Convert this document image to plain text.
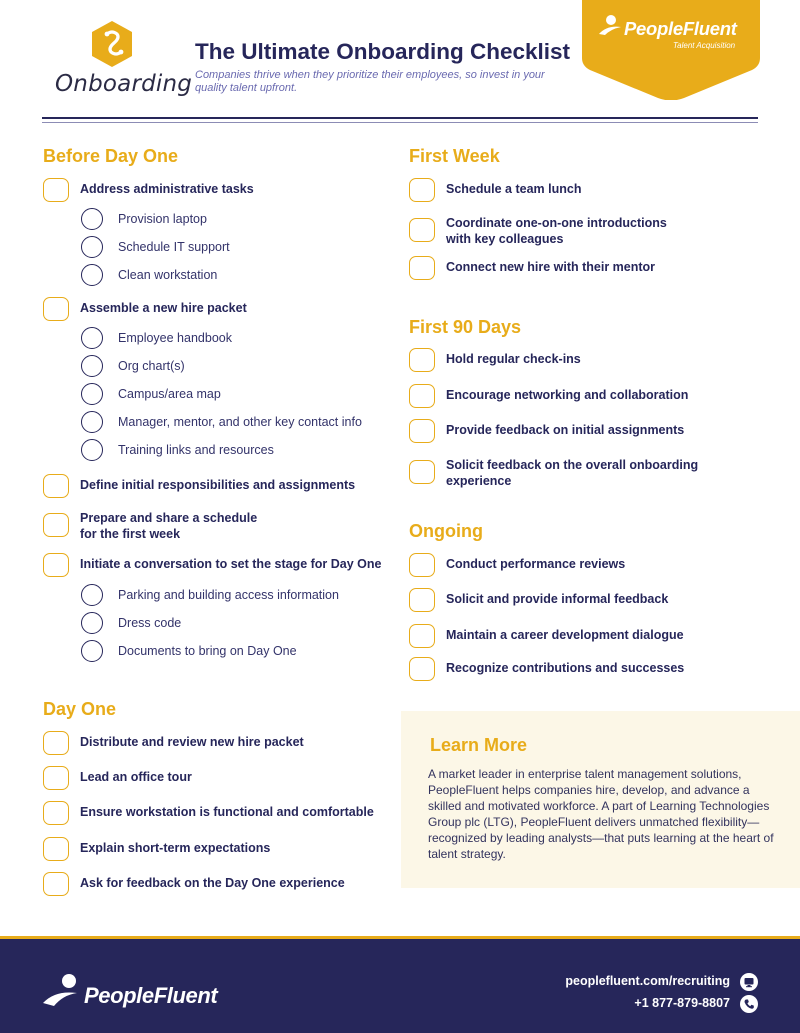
Onboarding
The Ultimate Onboarding Checklist
Companies thrive when they prioritize their employees, so invest in your quality talent upfront.
PeopleFluent
Talent Acquisition
Before Day One
Address administrative tasks
Provision laptop
Schedule IT support
Clean workstation
Assemble a new hire packet
Employee handbook
Org chart(s)
Campus/area map
Manager, mentor, and other key contact info
Training links and resources
Define initial responsibilities and assignments
Prepare and share a schedule
for the first week
Initiate a conversation to set the stage for Day One
Parking and building access information
Dress code
Documents to bring on Day One
Day One
Distribute and review new hire packet
Lead an office tour
Ensure workstation is functional and comfortable
Explain short-term expectations
Ask for feedback on the Day One experience
First Week
Schedule a team lunch
Coordinate one-on-one introductions
with key colleagues
Connect new hire with their mentor
First 90 Days
Hold regular check-ins
Encourage networking and collaboration
Provide feedback on initial assignments
Solicit feedback on the overall onboarding
experience
Ongoing
Conduct performance reviews
Solicit and provide informal feedback
Maintain a career development dialogue
Recognize contributions and successes
Learn More
A market leader in enterprise talent management solutions, PeopleFluent helps companies hire, develop, and advance a skilled and motivated workforce. A part of Learning Technologies Group plc (LTG), PeopleFluent delivers unmatched flexibility—recognized by leading analysts—that puts learning at the heart of talent strategy.
PeopleFluent
peoplefluent.com/recruiting
+1 877-879-8807
